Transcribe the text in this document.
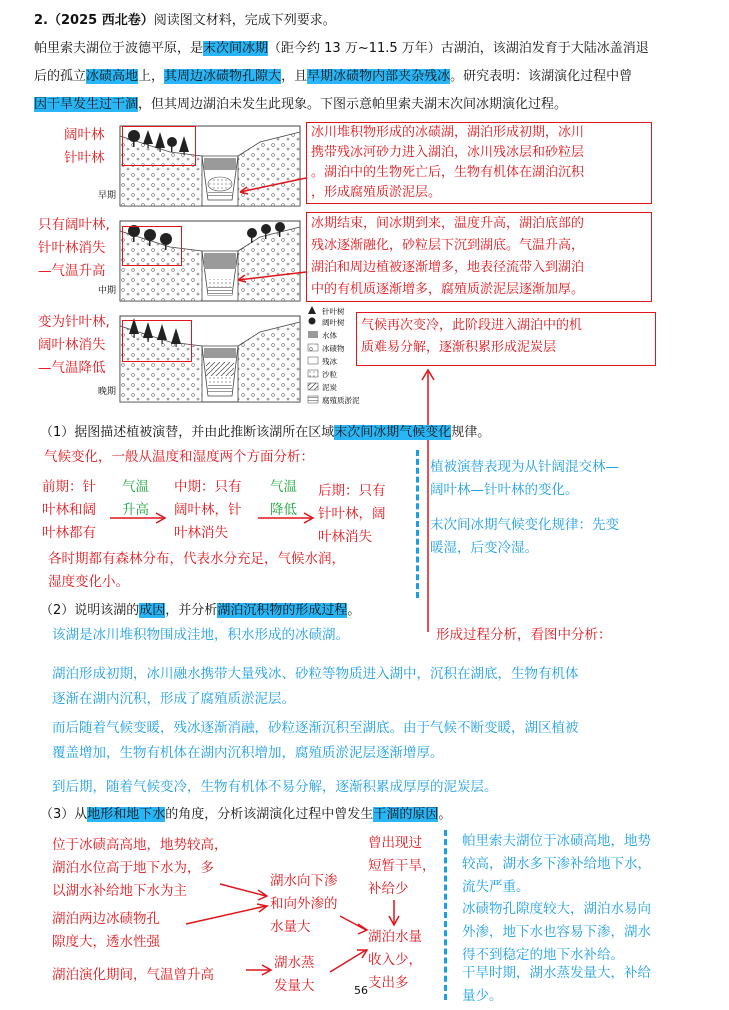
2.（2025 西北卷）阅读图文材料，完成下列要求。
帕里索夫湖位于波德平原，是末次间冰期（距今约 13 万~11.5 万年）古湖泊，该湖泊发育于大陆冰盖消退
后的孤立冰碛高地上，其周边冰碛物孔隙大，且早期冰碛物内部夹杂残冰。研究表明：该湖演化过程中曾
因干旱发生过干涸，但其周边湖泊未发生此现象。下图示意帕里索夫湖末次间冰期演化过程。
早期
中期
晚期
针叶树
阔叶树
水体
冰碛物
残冰
沙粒
泥炭
腐殖质淤泥
阔叶林
针叶林
只有阔叶林,
针叶林消失
—气温升高
变为针叶林,
阔叶林消失
—气温降低
冰川堆积物形成的冰碛湖，湖泊形成初期，冰川
携带残冰河砂力进入湖泊，冰川残冰层和砂粒层
。湖泊中的生物死亡后，生物有机体在湖泊沉积
，形成腐殖质淤泥层。
冰期结束，间冰期到来，温度升高，湖泊底部的
残冰逐渐融化，砂粒层下沉到湖底。气温升高，
湖泊和周边植被逐渐增多，地表径流带入到湖泊
中的有机质逐渐增多，腐殖质淤泥层逐渐加厚。
气候再次变冷，此阶段进入湖泊中的机
质难易分解，逐渐积累形成泥炭层
（1）据图描述植被演替，并由此推断该湖所在区域末次间冰期气候变化规律。
气候变化，一般从温度和湿度两个方面分析：
前期：针
叶林和阔
叶林都有
气温
升高
中期：只有
阔叶林，针
叶林消失
气温
降低
后期：只有
针叶林，阔
叶林消失
各时期都有森林分布，代表水分充足，气候水润，
湿度变化小。
植被演替表现为从针阔混交林—
阔叶林—针叶林的变化。
末次间冰期气候变化规律：先变
暖湿，后变冷湿。
（2）说明该湖的成因，并分析湖泊沉积物的形成过程。
该湖是冰川堆积物围成洼地，积水形成的冰碛湖。	形成过程分析，看图中分析：
湖泊形成初期，冰川融水携带大量残冰、砂粒等物质进入湖中，沉积在湖底，生物有机体
逐渐在湖内沉积，形成了腐殖质淤泥层。
而后随着气候变暖，残冰逐渐消融，砂粒逐渐沉积至湖底。由于气候不断变暖，湖区植被
覆盖增加，生物有机体在湖内沉积增加，腐殖质淤泥层逐渐增厚。
到后期，随着气候变冷，生物有机体不易分解，逐渐积累成厚厚的泥炭层。
（3）从地形和地下水的角度，分析该湖演化过程中曾发生干涸的原因。
位于冰碛高高地，地势较高，
湖泊水位高于地下水为，多
以湖水补给地下水为主
湖泊两边冰碛物孔
隙度大，透水性强
湖泊演化期间，气温曾升高
湖水向下渗
和向外渗的
水量大
湖水蒸
发量大
曾出现过
短暂干旱，
补给少
湖泊水量
收入少，
支出多
帕里索夫湖位于冰碛高地，地势
较高，湖水多下渗补给地下水，
流失严重。
冰碛物孔隙度较大，湖泊水易向
外渗，地下水也容易下渗，湖水
得不到稳定的地下水补给。
干旱时期，湖水蒸发量大，补给
量少。
56
